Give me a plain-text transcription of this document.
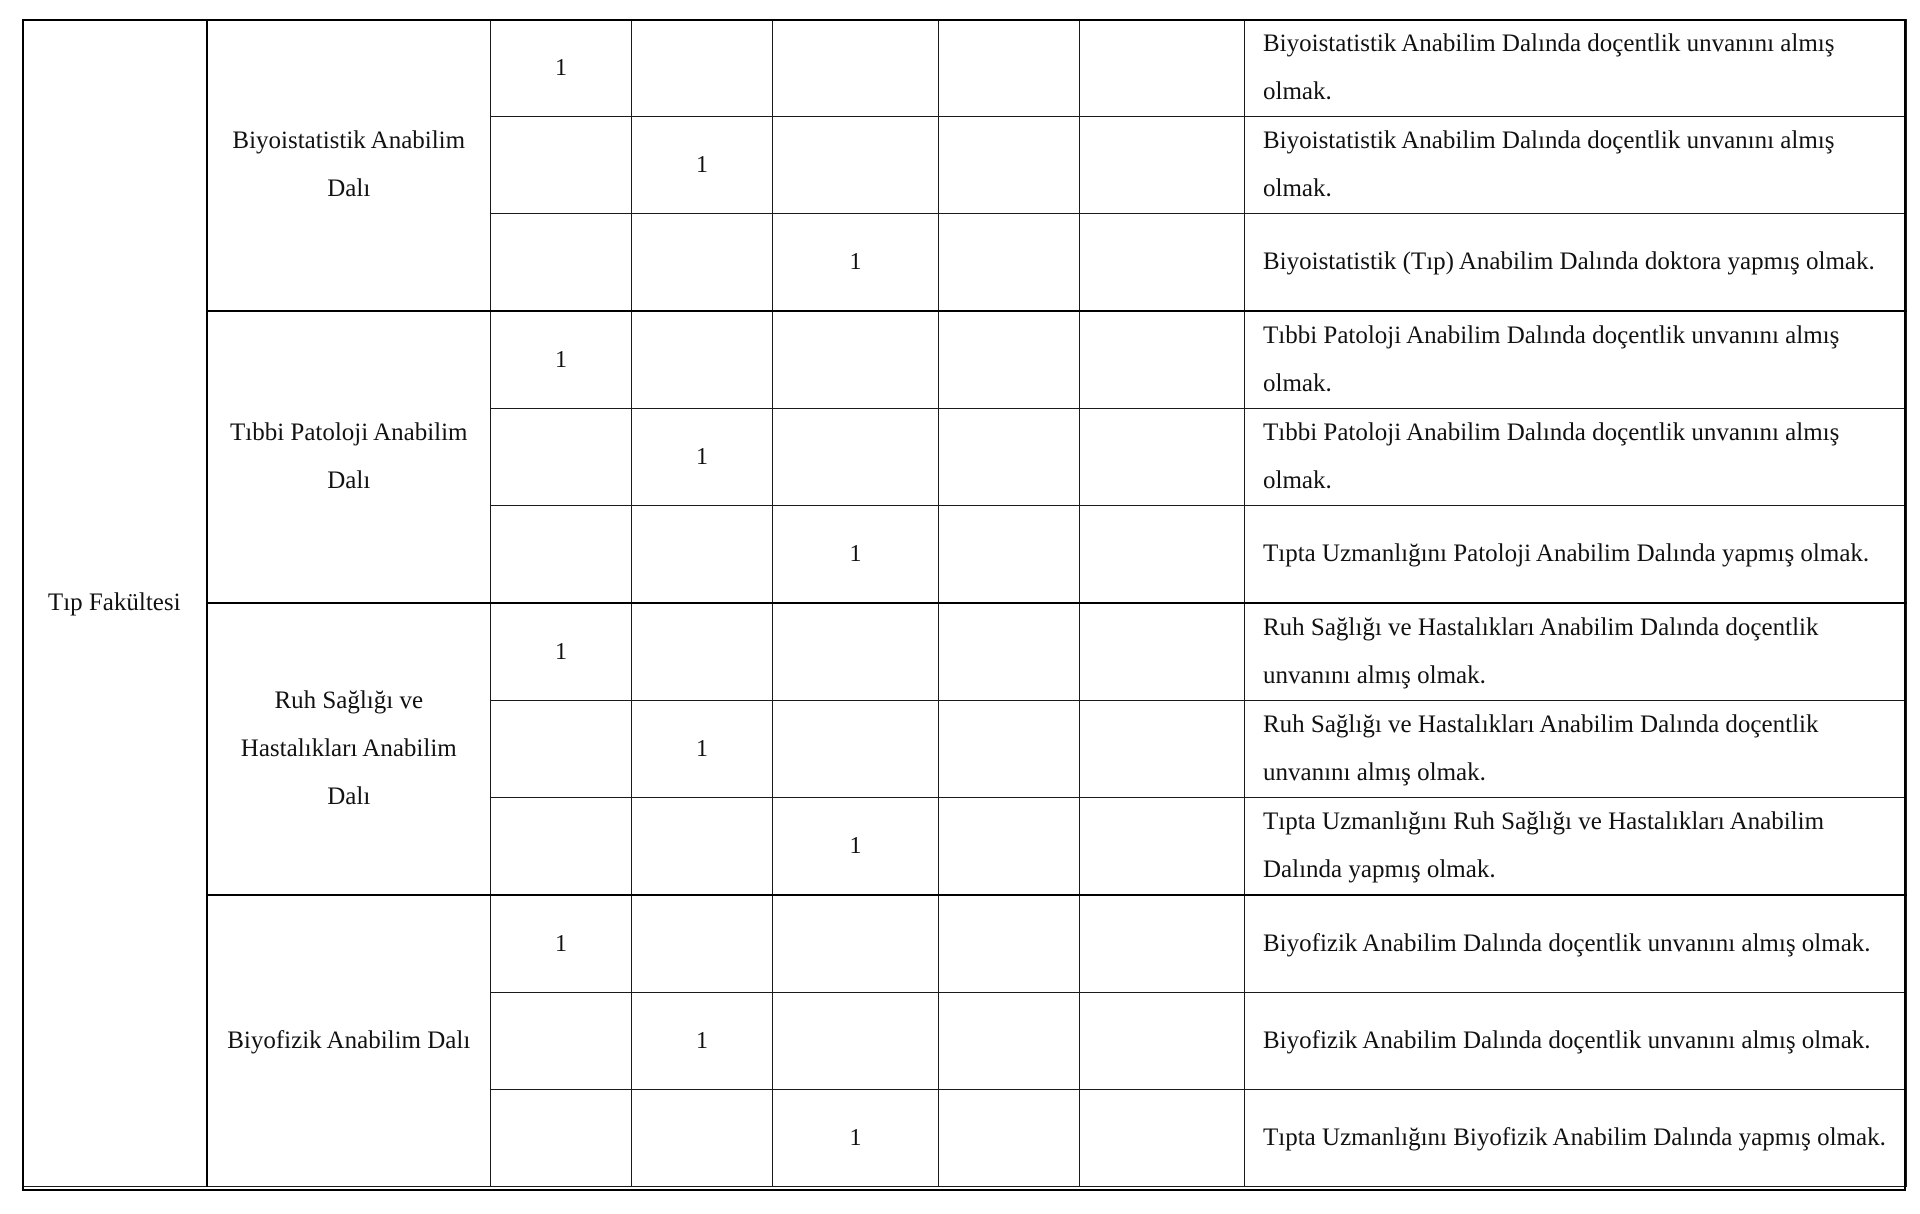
Tıp Fakültesi	Biyoistatistik Anabilim Dalı	1					Biyoistatistik Anabilim Dalında doçentlik unvanını almış olmak.
			1				Biyoistatistik Anabilim Dalında doçentlik unvanını almış olmak.
				1			Biyoistatistik (Tıp) Anabilim Dalında doktora yapmış olmak.
	Tıbbi Patoloji Anabilim Dalı	1					Tıbbi Patoloji Anabilim Dalında doçentlik unvanını almış olmak.
			1				Tıbbi Patoloji Anabilim Dalında doçentlik unvanını almış olmak.
				1			Tıpta Uzmanlığını Patoloji Anabilim Dalında yapmış olmak.
	Ruh Sağlığı ve Hastalıkları Anabilim Dalı	1					Ruh Sağlığı ve Hastalıkları Anabilim Dalında doçentlik unvanını almış olmak.
			1				Ruh Sağlığı ve Hastalıkları Anabilim Dalında doçentlik unvanını almış olmak.
				1			Tıpta Uzmanlığını Ruh Sağlığı ve Hastalıkları Anabilim Dalında yapmış olmak.
	Biyofizik Anabilim Dalı	1					Biyofizik Anabilim Dalında doçentlik unvanını almış olmak.
			1				Biyofizik Anabilim Dalında doçentlik unvanını almış olmak.
				1			Tıpta Uzmanlığını Biyofizik Anabilim Dalında yapmış olmak.
